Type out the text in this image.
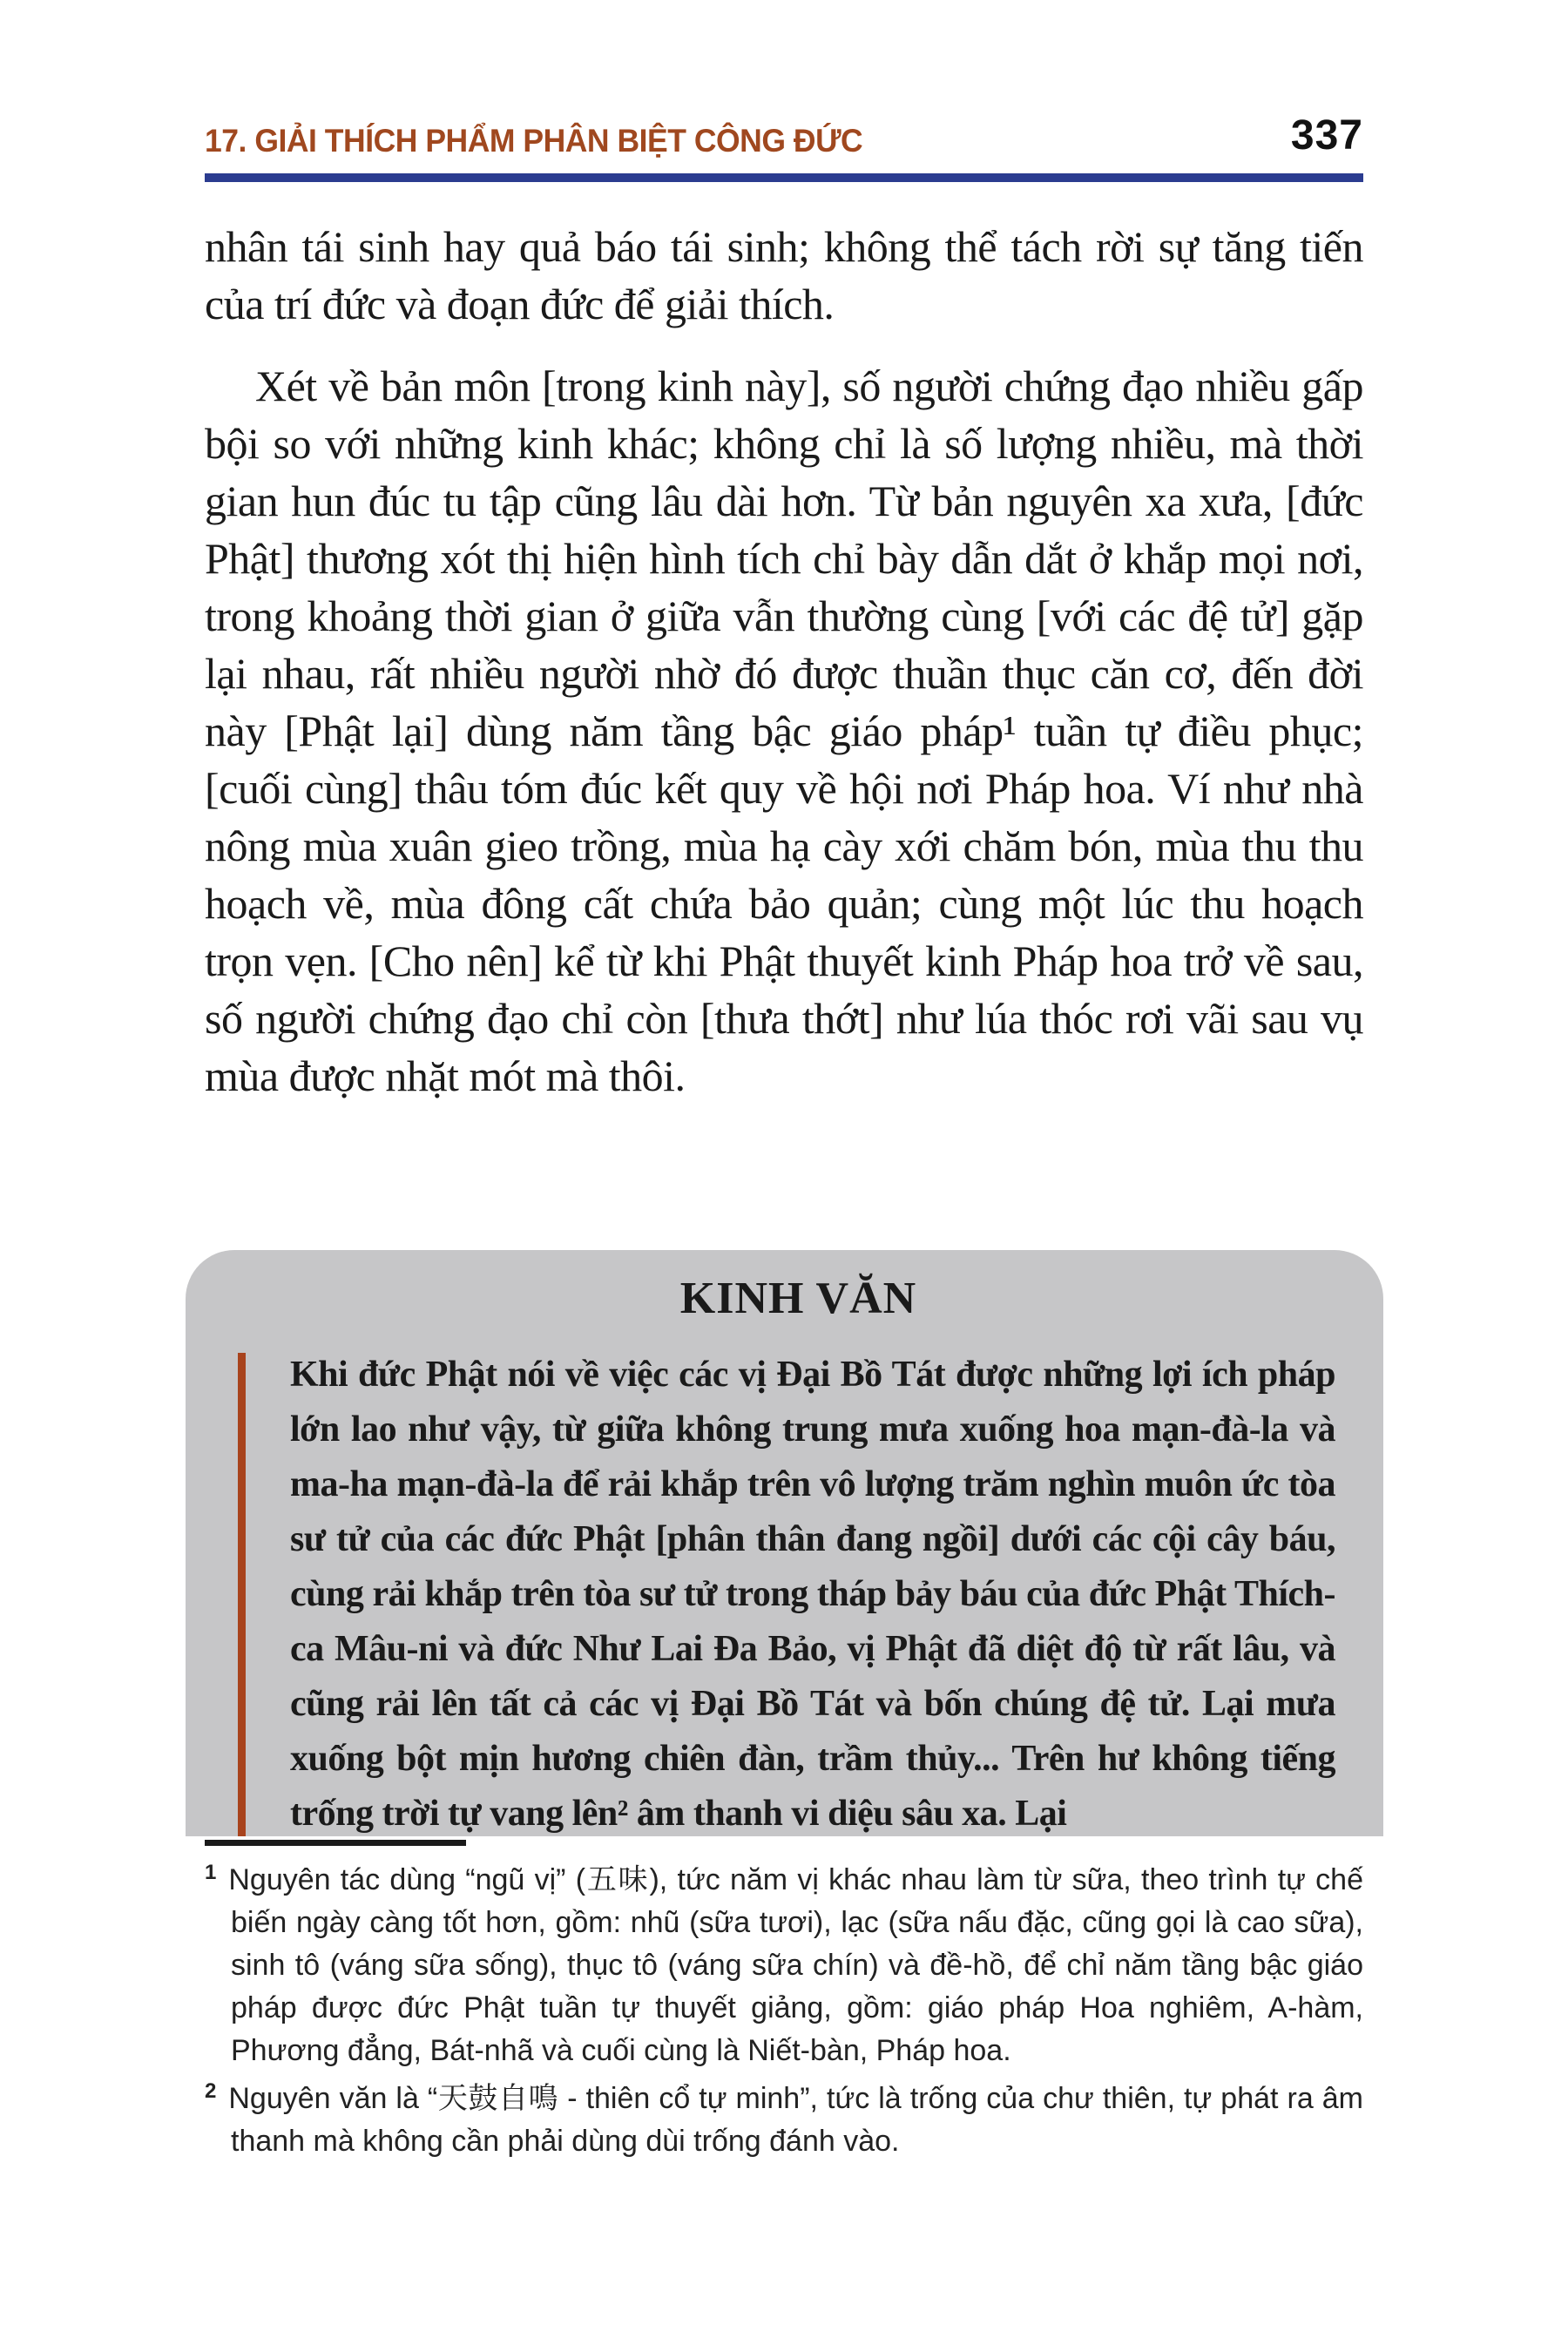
17. GIẢI THÍCH PHẨM PHÂN BIỆT CÔNG ĐỨC	337

nhân tái sinh hay quả báo tái sinh; không thể tách rời sự tăng tiến của trí đức và đoạn đức để giải thích.

Xét về bản môn [trong kinh này], số người chứng đạo nhiều gấp bội so với những kinh khác; không chỉ là số lượng nhiều, mà thời gian hun đúc tu tập cũng lâu dài hơn. Từ bản nguyên xa xưa, [đức Phật] thương xót thị hiện hình tích chỉ bày dẫn dắt ở khắp mọi nơi, trong khoảng thời gian ở giữa vẫn thường cùng [với các đệ tử] gặp lại nhau, rất nhiều người nhờ đó được thuần thục căn cơ, đến đời này [Phật lại] dùng năm tầng bậc giáo pháp¹ tuần tự điều phục; [cuối cùng] thâu tóm đúc kết quy về hội nơi Pháp hoa. Ví như nhà nông mùa xuân gieo trồng, mùa hạ cày xới chăm bón, mùa thu thu hoạch về, mùa đông cất chứa bảo quản; cùng một lúc thu hoạch trọn vẹn. [Cho nên] kể từ khi Phật thuyết kinh Pháp hoa trở về sau, số người chứng đạo chỉ còn [thưa thớt] như lúa thóc rơi vãi sau vụ mùa được nhặt mót mà thôi.

KINH VĂN

Khi đức Phật nói về việc các vị Đại Bồ Tát được những lợi ích pháp lớn lao như vậy, từ giữa không trung mưa xuống hoa mạn-đà-la và ma-ha mạn-đà-la để rải khắp trên vô lượng trăm nghìn muôn ức tòa sư tử của các đức Phật [phân thân đang ngồi] dưới các cội cây báu, cùng rải khắp trên tòa sư tử trong tháp bảy báu của đức Phật Thích-ca Mâu-ni và đức Như Lai Đa Bảo, vị Phật đã diệt độ từ rất lâu, và cũng rải lên tất cả các vị Đại Bồ Tát và bốn chúng đệ tử. Lại mưa xuống bột mịn hương chiên đàn, trầm thủy... Trên hư không tiếng trống trời tự vang lên² âm thanh vi diệu sâu xa. Lại

$^1$ Nguyên tác dùng “ngũ vị” (五味), tức năm vị khác nhau làm từ sữa, theo trình tự chế biến ngày càng tốt hơn, gồm: nhũ (sữa tươi), lạc (sữa nấu đặc, cũng gọi là cao sữa), sinh tô (váng sữa sống), thục tô (váng sữa chín) và đề-hồ, để chỉ năm tầng bậc giáo pháp được đức Phật tuần tự thuyết giảng, gồm: giáo pháp Hoa nghiêm, A-hàm, Phương đẳng, Bát-nhã và cuối cùng là Niết-bàn, Pháp hoa.

$^2$ Nguyên văn là “天鼓自鳴 - thiên cổ tự minh”, tức là trống của chư thiên, tự phát ra âm thanh mà không cần phải dùng dùi trống đánh vào.
